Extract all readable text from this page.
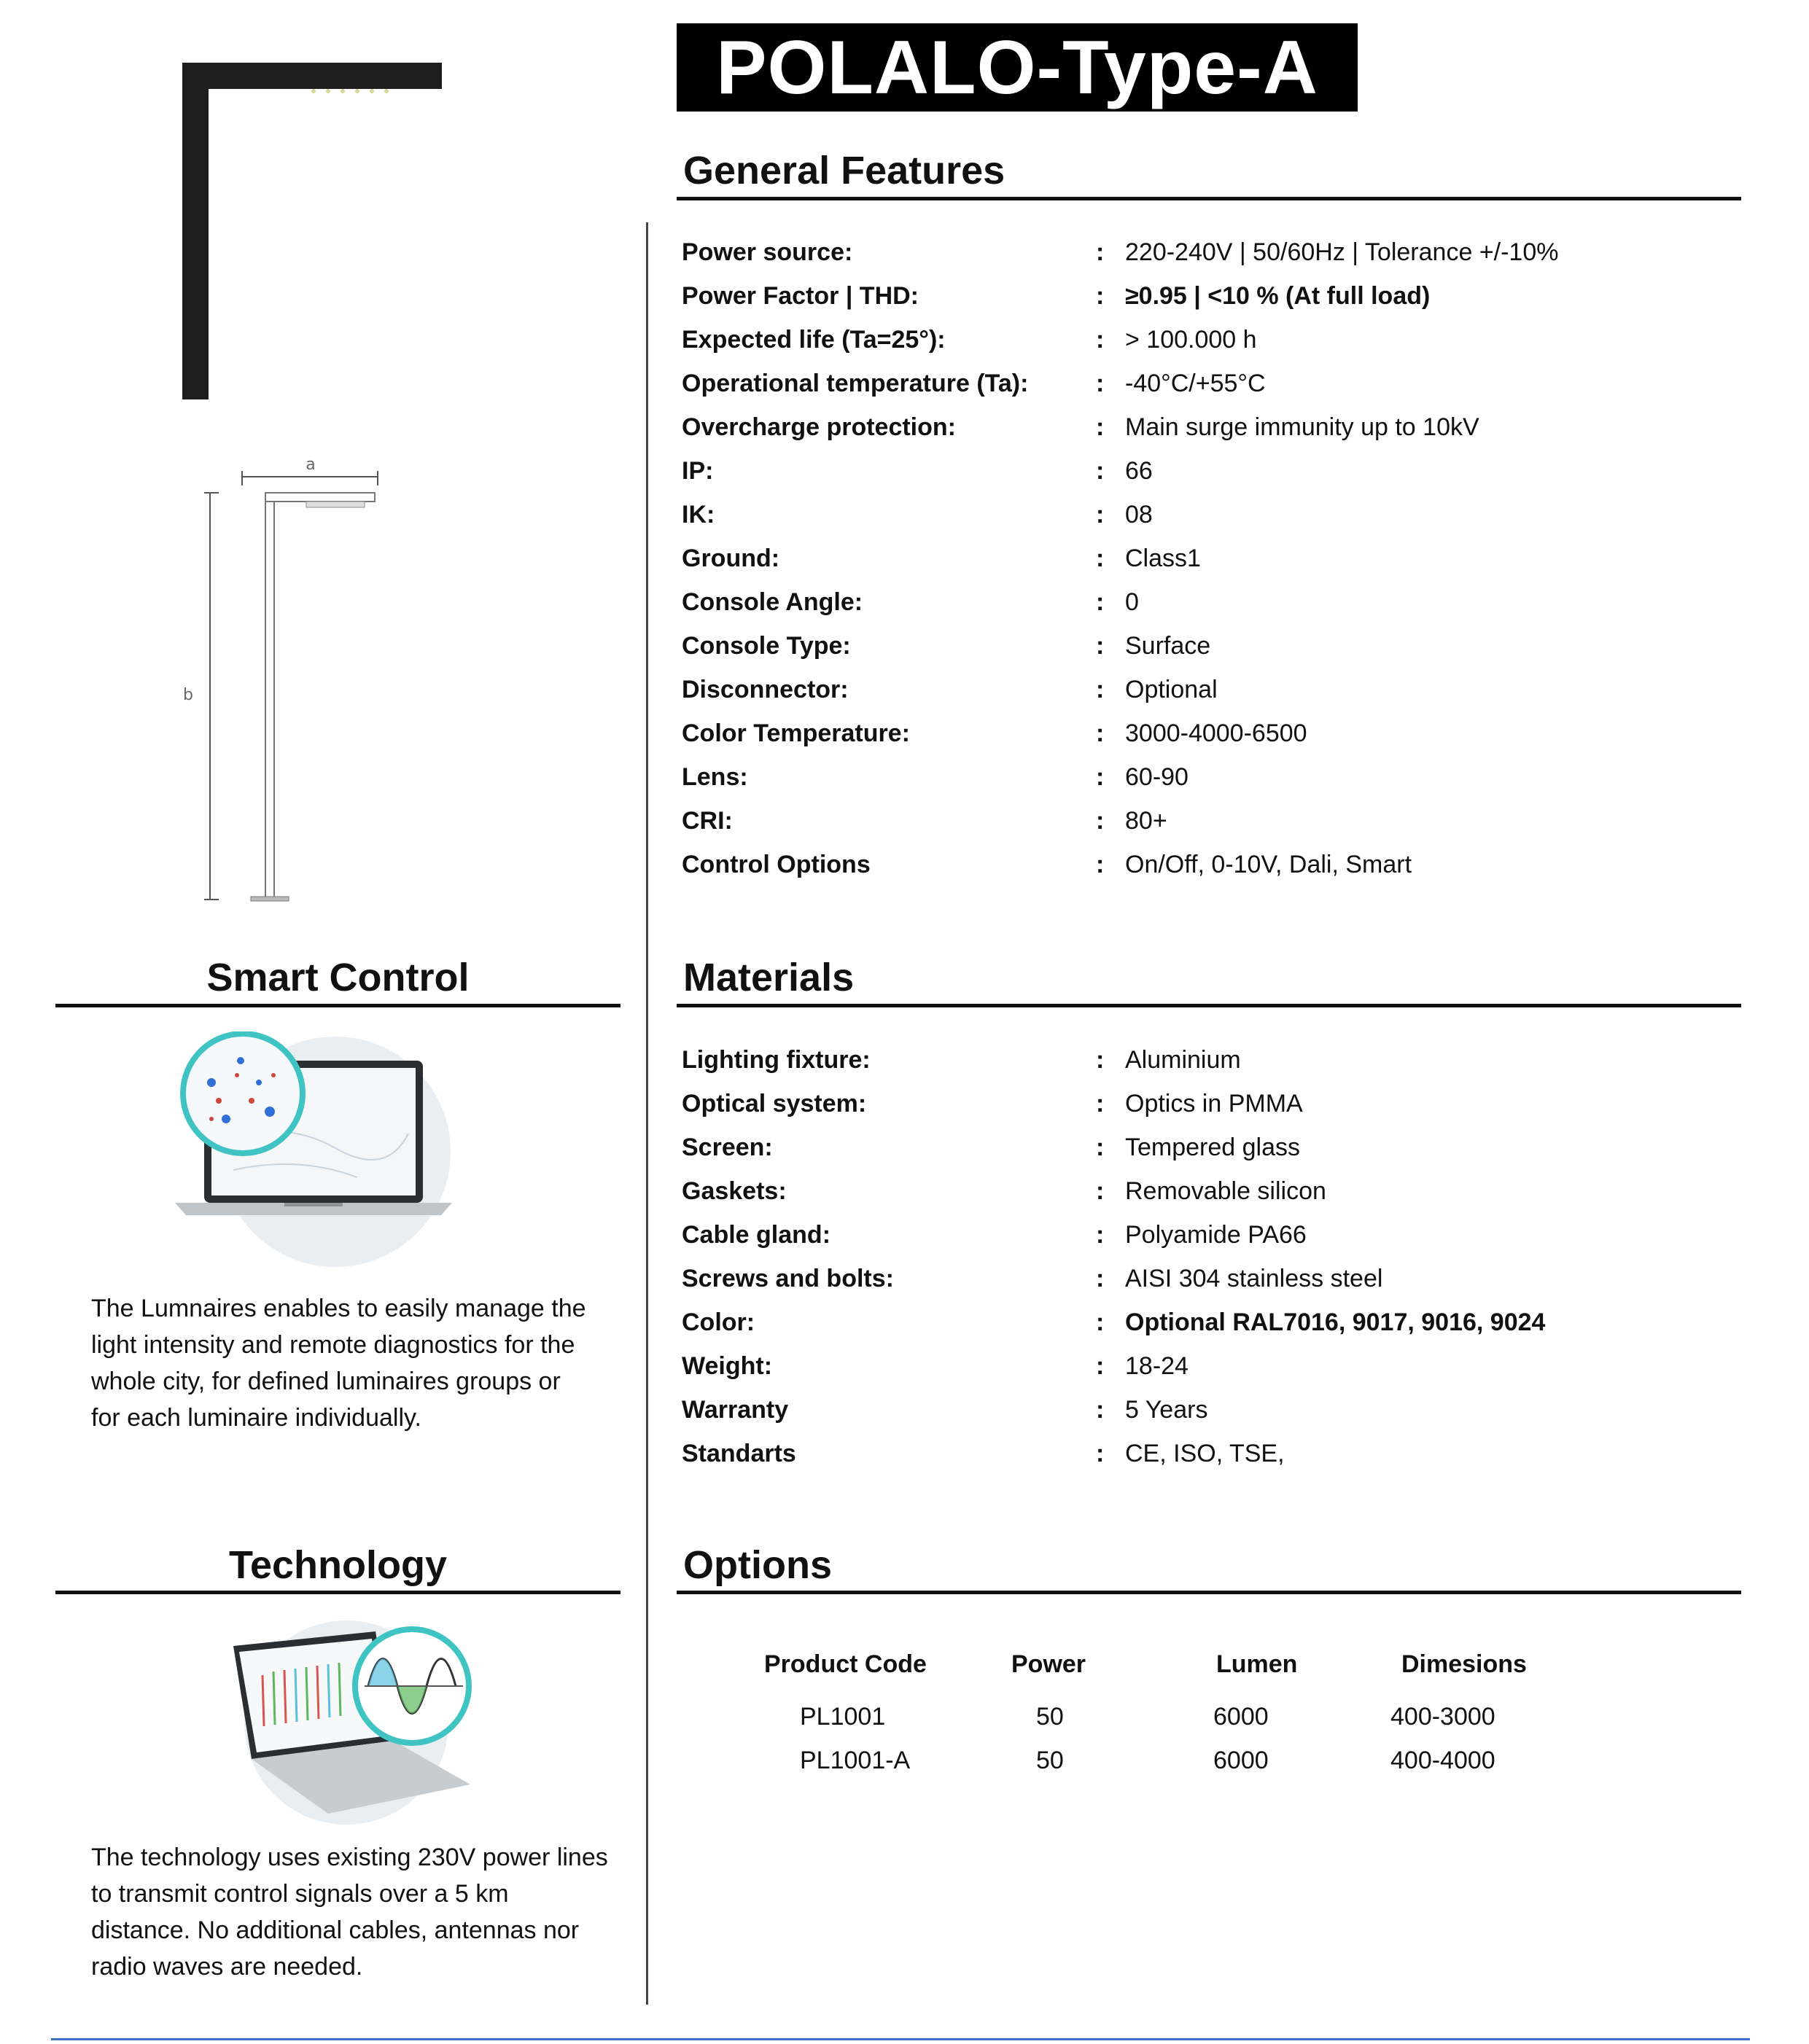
POLALO-Type-A
a
b
General Features
Power source:	: 220-240V | 50/60Hz | Tolerance +/-10%
Power Factor | THD:	: ≥0.95 | <10 % (At full load)
Expected life (Ta=25°):	: > 100.000 h
Operational temperature (Ta):	: -40°C/+55°C
Overcharge protection:	: Main surge immunity up to 10kV
IP:	: 66
IK:	: 08
Ground:	: Class1
Console Angle:	: 0
Console Type:	: Surface
Disconnector:	: Optional
Color Temperature:	: 3000-4000-6500
Lens:	: 60-90
CRI:	: 80+
Control Options	: On/Off, 0-10V, Dali, Smart
Materials
Lighting fixture:	: Aluminium
Optical system:	: Optics in PMMA
Screen:	: Tempered glass
Gaskets:	: Removable silicon
Cable gland:	: Polyamide PA66
Screws and bolts:	: AISI 304 stainless steel
Color:	: Optional RAL7016, 9017, 9016, 9024
Weight:	: 18-24
Warranty	: 5 Years
Standarts	: CE, ISO, TSE,
Options
Product Code	Power	Lumen	Dimesions
PL1001	50	6000	400-3000
PL1001-A	50	6000	400-4000
Smart Control
The Lumnaires enables to easily manage the
light intensity and remote diagnostics for the
whole city, for defined luminaires groups or
for each luminaire individually.
Technology
The technology uses existing 230V power lines
to transmit control signals over a 5 km
distance. No additional cables, antennas nor
radio waves are needed.
